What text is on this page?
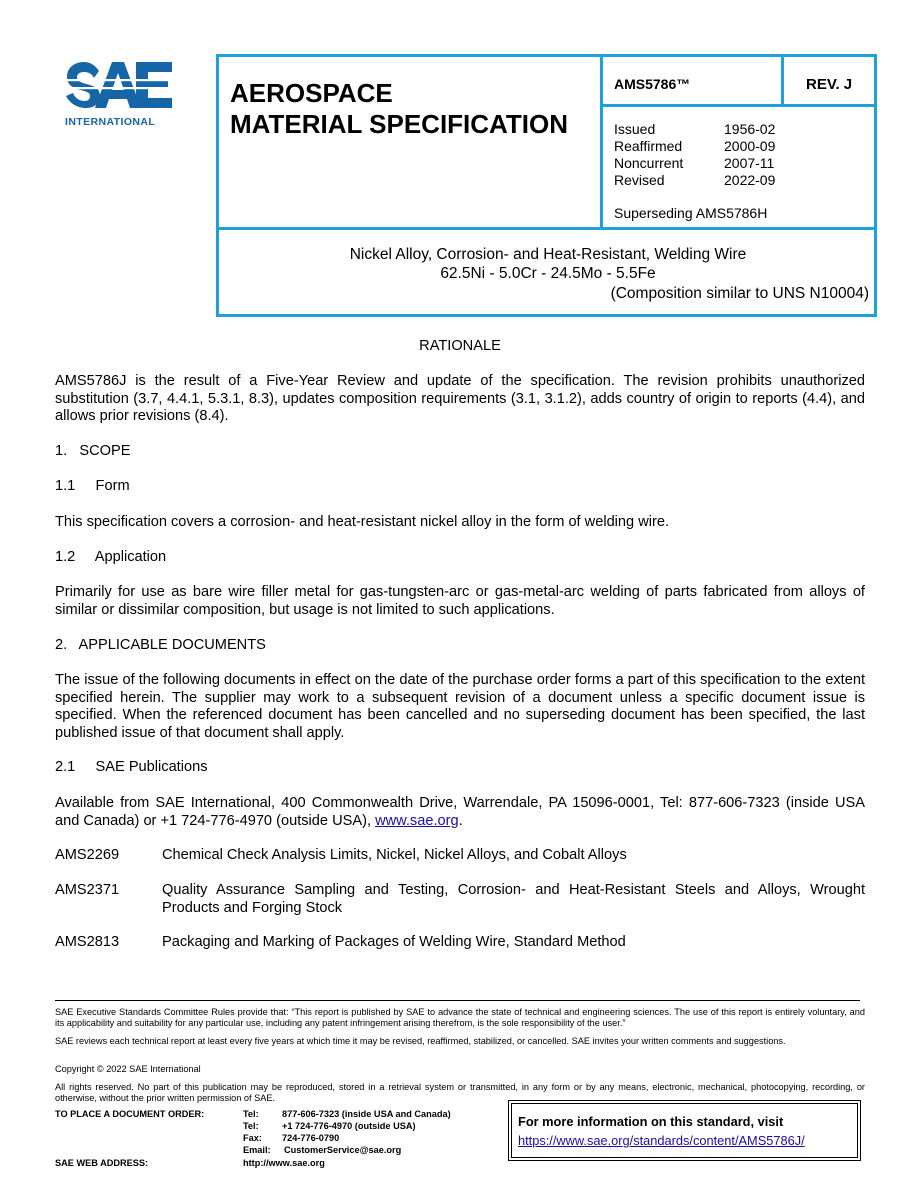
INTERNATIONAL
AEROSPACE
MATERIAL SPECIFICATION
AMS5786™	REV. J
Issued	1956-02
Reaffirmed	2000-09
Noncurrent	2007-11
Revised	2022-09
Superseding AMS5786H
Nickel Alloy, Corrosion- and Heat-Resistant, Welding Wire
62.5Ni - 5.0Cr - 24.5Mo - 5.5Fe
(Composition similar to UNS N10004)
RATIONALE
AMS5786J is the result of a Five-Year Review and update of the specification. The revision prohibits unauthorized substitution (3.7, 4.4.1, 5.3.1, 8.3), updates composition requirements (3.1, 3.1.2), adds country of origin to reports (4.4), and allows prior revisions (8.4).
1.   SCOPE
1.1     Form
This specification covers a corrosion- and heat-resistant nickel alloy in the form of welding wire.
1.2     Application
Primarily for use as bare wire filler metal for gas-tungsten-arc or gas-metal-arc welding of parts fabricated from alloys of similar or dissimilar composition, but usage is not limited to such applications.
2.   APPLICABLE DOCUMENTS
The issue of the following documents in effect on the date of the purchase order forms a part of this specification to the extent specified herein. The supplier may work to a subsequent revision of a document unless a specific document issue is specified. When the referenced document has been cancelled and no superseding document has been specified, the last published issue of that document shall apply.
2.1     SAE Publications
Available from SAE International, 400 Commonwealth Drive, Warrendale, PA 15096-0001, Tel: 877-606-7323 (inside USA and Canada) or +1 724-776-4970 (outside USA), www.sae.org.
AMS2269	Chemical Check Analysis Limits, Nickel, Nickel Alloys, and Cobalt Alloys
AMS2371	Quality Assurance Sampling and Testing, Corrosion- and Heat-Resistant Steels and Alloys, Wrought Products and Forging Stock
AMS2813	Packaging and Marking of Packages of Welding Wire, Standard Method
SAE Executive Standards Committee Rules provide that: “This report is published by SAE to advance the state of technical and engineering sciences. The use of this report is entirely voluntary, and its applicability and suitability for any particular use, including any patent infringement arising therefrom, is the sole responsibility of the user.”
SAE reviews each technical report at least every five years at which time it may be revised, reaffirmed, stabilized, or cancelled. SAE invites your written comments and suggestions.
Copyright © 2022 SAE International
All rights reserved. No part of this publication may be reproduced, stored in a retrieval system or transmitted, in any form or by any means, electronic, mechanical, photocopying, recording, or otherwise, without the prior written permission of SAE.
TO PLACE A DOCUMENT ORDER:	Tel:	877-606-7323 (inside USA and Canada)
Tel:	+1 724-776-4970 (outside USA)
Fax: 724-776-0790
Email: CustomerService@sae.org
SAE WEB ADDRESS:	http://www.sae.org
For more information on this standard, visit
https://www.sae.org/standards/content/AMS5786J/
